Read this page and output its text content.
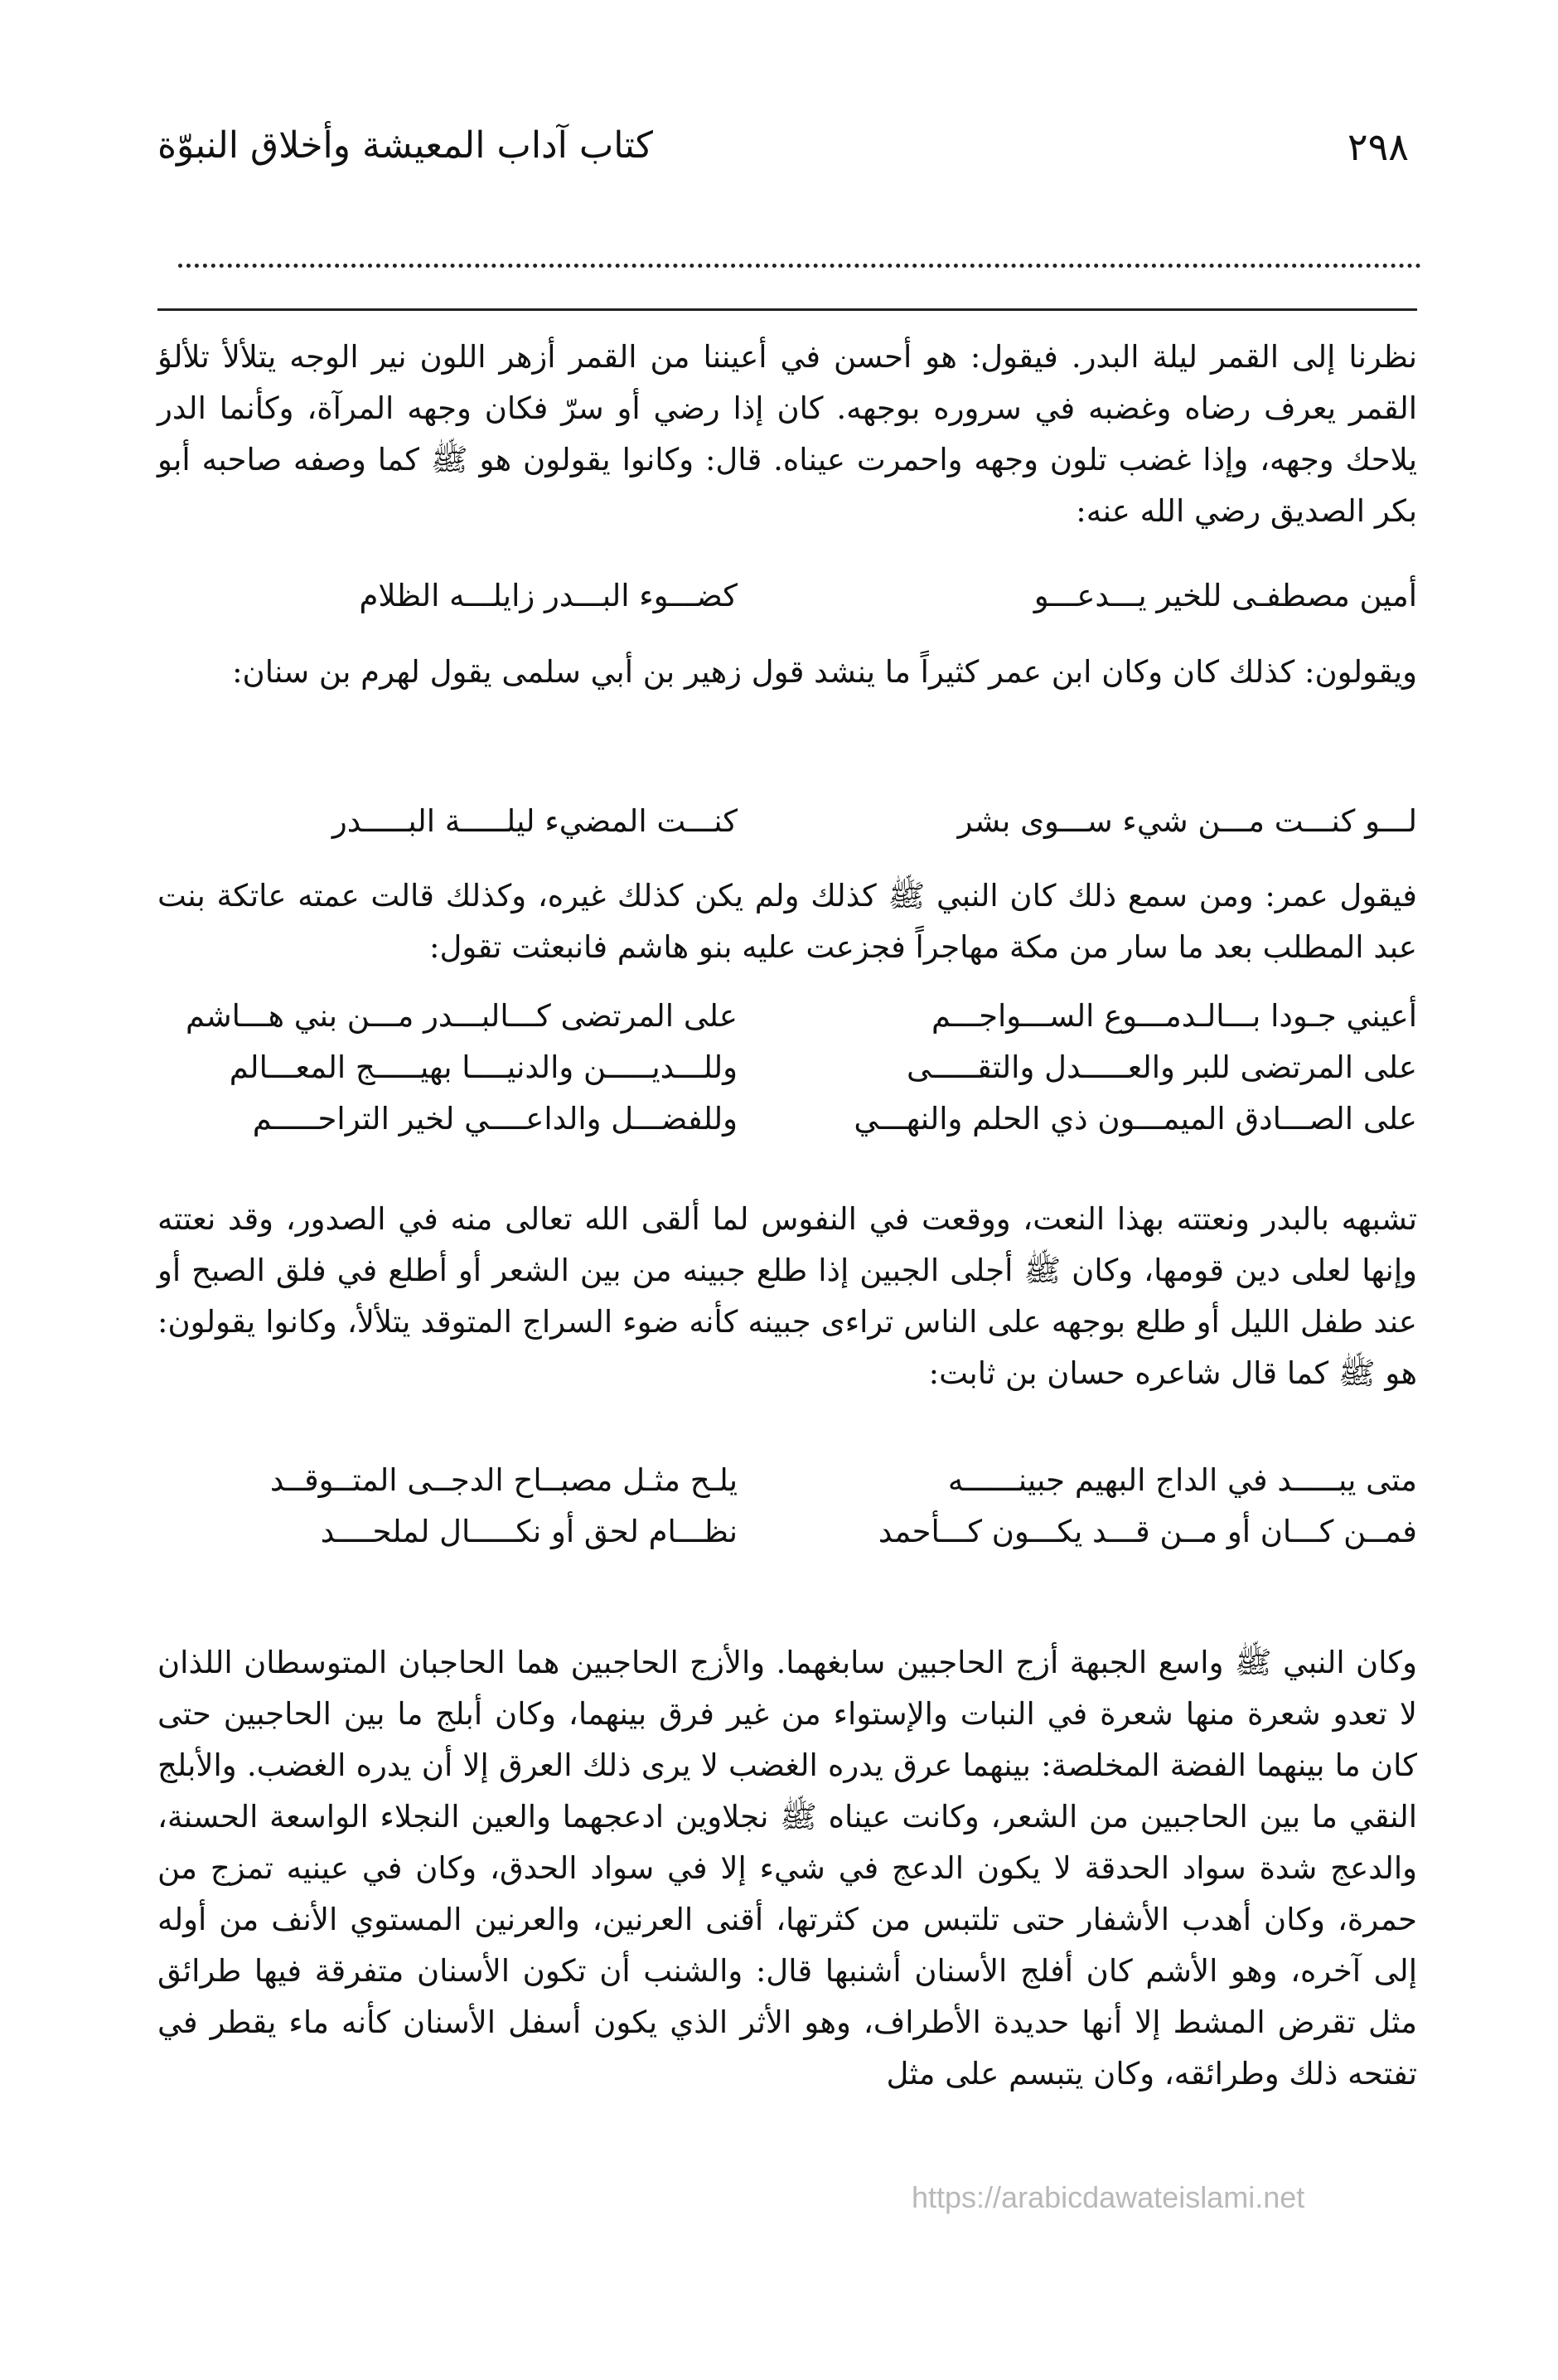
٢٩٨
كتاب آداب المعيشة وأخلاق النبوّة

نظرنا إلى القمر ليلة البدر. فيقول: هو أحسن في أعيننا من القمر أزهر اللون نير الوجه يتلألأ تلألؤ القمر يعرف رضاه وغضبه في سروره بوجهه. كان إذا رضي أو سرّ فكان وجهه المرآة، وكأنما الدر يلاحك وجهه، وإذا غضب تلون وجهه واحمرت عيناه. قال: وكانوا يقولون هو ﷺ كما وصفه صاحبه أبو بكر الصديق رضي الله عنه:

أمين مصطفـى للخير يـــدعـــو
كضـــوء البـــدر زايلـــه الظلام

ويقولون: كذلك كان وكان ابن عمر كثيراً ما ينشد قول زهير بن أبي سلمى يقول لهرم بن سنان:

لـــو كنـــت مـــن شيء ســـوى بشر
كنـــت المضيء ليلـــــة البـــــدر

فيقول عمر: ومن سمع ذلك كان النبي ﷺ كذلك ولم يكن كذلك غيره، وكذلك قالت عمته عاتكة بنت عبد المطلب بعد ما سار من مكة مهاجراً فجزعت عليه بنو هاشم فانبعثت تقول:

أعيني جـودا بـــالـدمـــوع الســـواجـــم
على المرتضى كـــالبـــدر مـــن بني هـــاشم
على المرتضى للبر والعـــــدل والتقـــــى
وللـــديـــــن والدنيــــا بهيـــــج المعـــالم
على الصـــادق الميمـــون ذي الحلم والنهـــي
وللفضـــل والداعــــي لخير التراحـــــم

تشبهه بالبدر ونعتته بهذا النعت، ووقعت في النفوس لما ألقى الله تعالى منه في الصدور، وقد نعتته وإنها لعلى دين قومها، وكان ﷺ أجلى الجبين إذا طلع جبينه من بين الشعر أو أطلع في فلق الصبح أو عند طفل الليل أو طلع بوجهه على الناس تراءى جبينه كأنه ضوء السراج المتوقد يتلألأ، وكانوا يقولون: هو ﷺ كما قال شاعره حسان بن ثابت:

متى يبـــــد في الداج البهيم جبينــــــه
يلـح مثـل مصبــاح الدجــى المتــوقــد
فمــن كـــان أو مــن قـــد يكـــون كـــأحمد
نظـــام لحق أو نكـــــال لملحــــد

وكان النبي ﷺ واسع الجبهة أزج الحاجبين سابغهما. والأزج الحاجبين هما الحاجبان المتوسطان اللذان لا تعدو شعرة منها شعرة في النبات والإستواء من غير فرق بينهما، وكان أبلج ما بين الحاجبين حتى كان ما بينهما الفضة المخلصة: بينهما عرق يدره الغضب لا يرى ذلك العرق إلا أن يدره الغضب. والأبلج النقي ما بين الحاجبين من الشعر، وكانت عيناه ﷺ نجلاوين ادعجهما والعين النجلاء الواسعة الحسنة، والدعج شدة سواد الحدقة لا يكون الدعج في شيء إلا في سواد الحدق، وكان في عينيه تمزج من حمرة، وكان أهدب الأشفار حتى تلتبس من كثرتها، أقنى العرنين، والعرنين المستوي الأنف من أوله إلى آخره، وهو الأشم كان أفلج الأسنان أشنبها قال: والشنب أن تكون الأسنان متفرقة فيها طرائق مثل تقرض المشط إلا أنها حديدة الأطراف، وهو الأثر الذي يكون أسفل الأسنان كأنه ماء يقطر في تفتحه ذلك وطرائقه، وكان يتبسم على مثل

https://arabicdawateislami.net
